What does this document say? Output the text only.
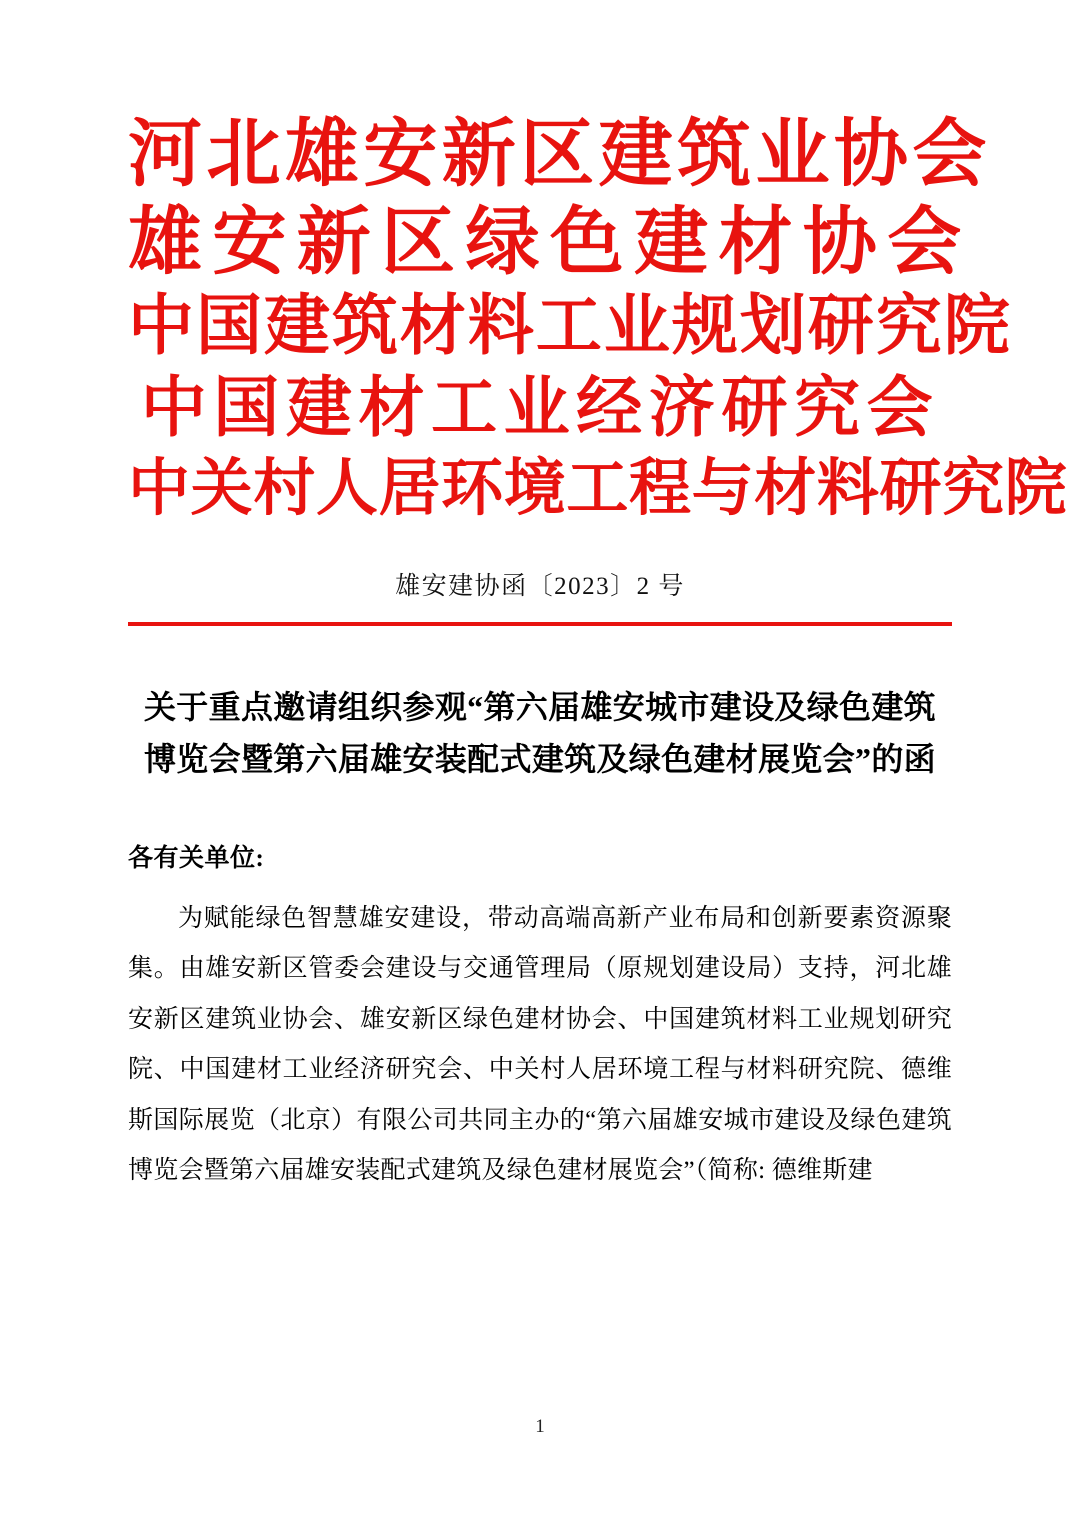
河北雄安新区建筑业协会
雄安新区绿色建材协会
中国建筑材料工业规划研究院
中国建材工业经济研究会
中关村人居环境工程与材料研究院
雄安建协函〔2023〕2 号
关于重点邀请组织参观“第六届雄安城市建设及绿色建筑博览会暨第六届雄安装配式建筑及绿色建材展览会”的函
各有关单位:
为赋能绿色智慧雄安建设，带动高端高新产业布局和创新要素资源聚集。由雄安新区管委会建设与交通管理局（原规划建设局）支持，河北雄安新区建筑业协会、雄安新区绿色建材协会、中国建筑材料工业规划研究院、中国建材工业经济研究会、中关村人居环境工程与材料研究院、德维斯国际展览（北京）有限公司共同主办的“第六届雄安城市建设及绿色建筑博览会暨第六届雄安装配式建筑及绿色建材展览会”（简称: 德维斯建
1
